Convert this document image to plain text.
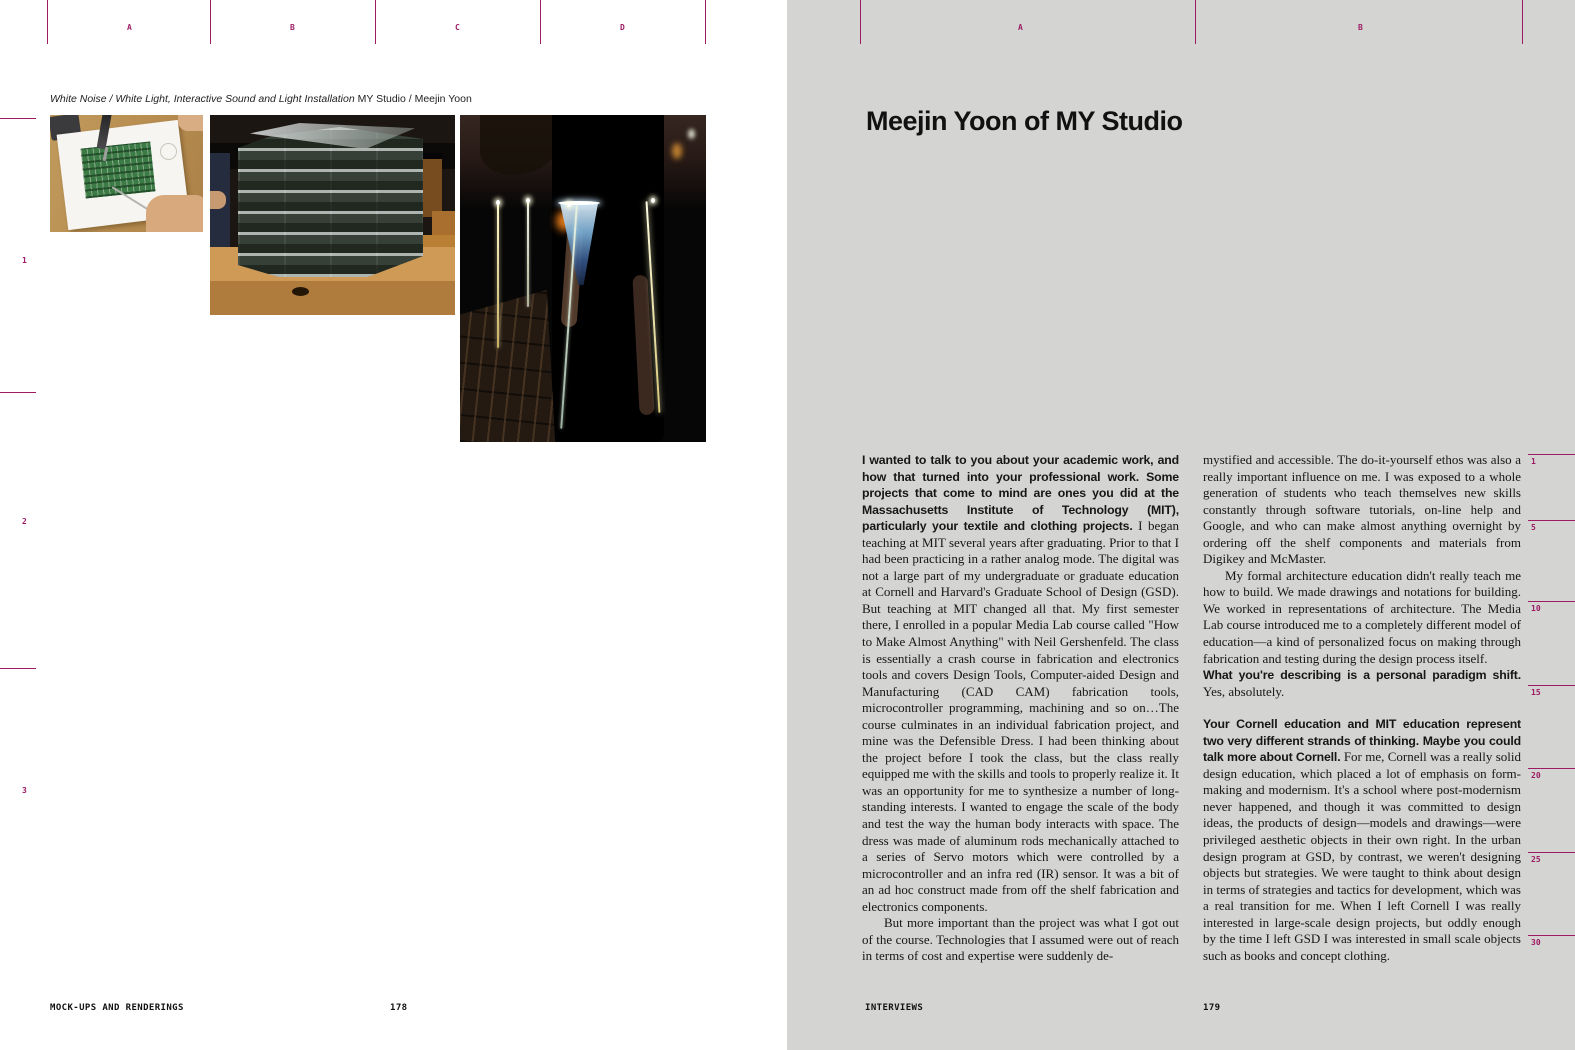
A	B	C	D
1
2
3
White Noise / White Light, Interactive Sound and Light Installation MY Studio / Meejin Yoon
MOCK-UPS AND RENDERINGS	178
A	B
Meejin Yoon of MY Studio

I wanted to talk to you about your academic work, and how that turned into your professional work. Some projects that come to mind are ones you did at the Massachusetts Institute of Technology (MIT), particularly your textile and clothing projects. I began teaching at MIT several years after graduating. Prior to that I had been practicing in a rather analog mode. The digital was not a large part of my undergraduate or graduate education at Cornell and Harvard's Graduate School of Design (GSD). But teaching at MIT changed all that. My first semester there, I enrolled in a popular Media Lab course called "How to Make Almost Anything" with Neil Gershenfeld. The class is essentially a crash course in fabrication and electronics tools and covers Design Tools, Computer-aided Design and Manufacturing (CAD CAM) fabrication tools, microcontroller programming, machining and so on…The course culminates in an individual fabrication project, and mine was the Defensible Dress. I had been thinking about the project before I took the class, but the class really equipped me with the skills and tools to properly realize it. It was an opportunity for me to synthesize a number of long-standing interests. I wanted to engage the scale of the body and test the way the human body interacts with space. The dress was made of aluminum rods mechanically attached to a series of Servo motors which were controlled by a microcontroller and an infra red (IR) sensor. It was a bit of an ad hoc construct made from off the shelf fabrication and electronics components.

But more important than the project was what I got out of the course. Technologies that I assumed were out of reach in terms of cost and expertise were suddenly de-

mystified and accessible. The do-it-yourself ethos was also a really important influence on me. I was exposed to a whole generation of students who teach themselves new skills constantly through software tutorials, on-line help and Google, and who can make almost anything overnight by ordering off the shelf components and materials from Digikey and McMaster.

My formal architecture education didn't really teach me how to build. We made drawings and notations for building. We worked in representations of architecture. The Media Lab course introduced me to a completely different model of education—a kind of personalized focus on making through fabrication and testing during the design process itself.

What you're describing is a personal paradigm shift. Yes, absolutely.

Your Cornell education and MIT education represent two very different strands of thinking. Maybe you could talk more about Cornell. For me, Cornell was a really solid design education, which placed a lot of emphasis on form-making and modernism. It's a school where post-modernism never happened, and though it was committed to design ideas, the products of design—models and drawings—were privileged aesthetic objects in their own right. In the urban design program at GSD, by contrast, we weren't designing objects but strategies. We were taught to think about design in terms of strategies and tactics for development, which was a real transition for me. When I left Cornell I was really interested in large-scale design projects, but oddly enough by the time I left GSD I was interested in small scale objects such as books and concept clothing.

INTERVIEWS	179
1
5
10
15
20
25
30
